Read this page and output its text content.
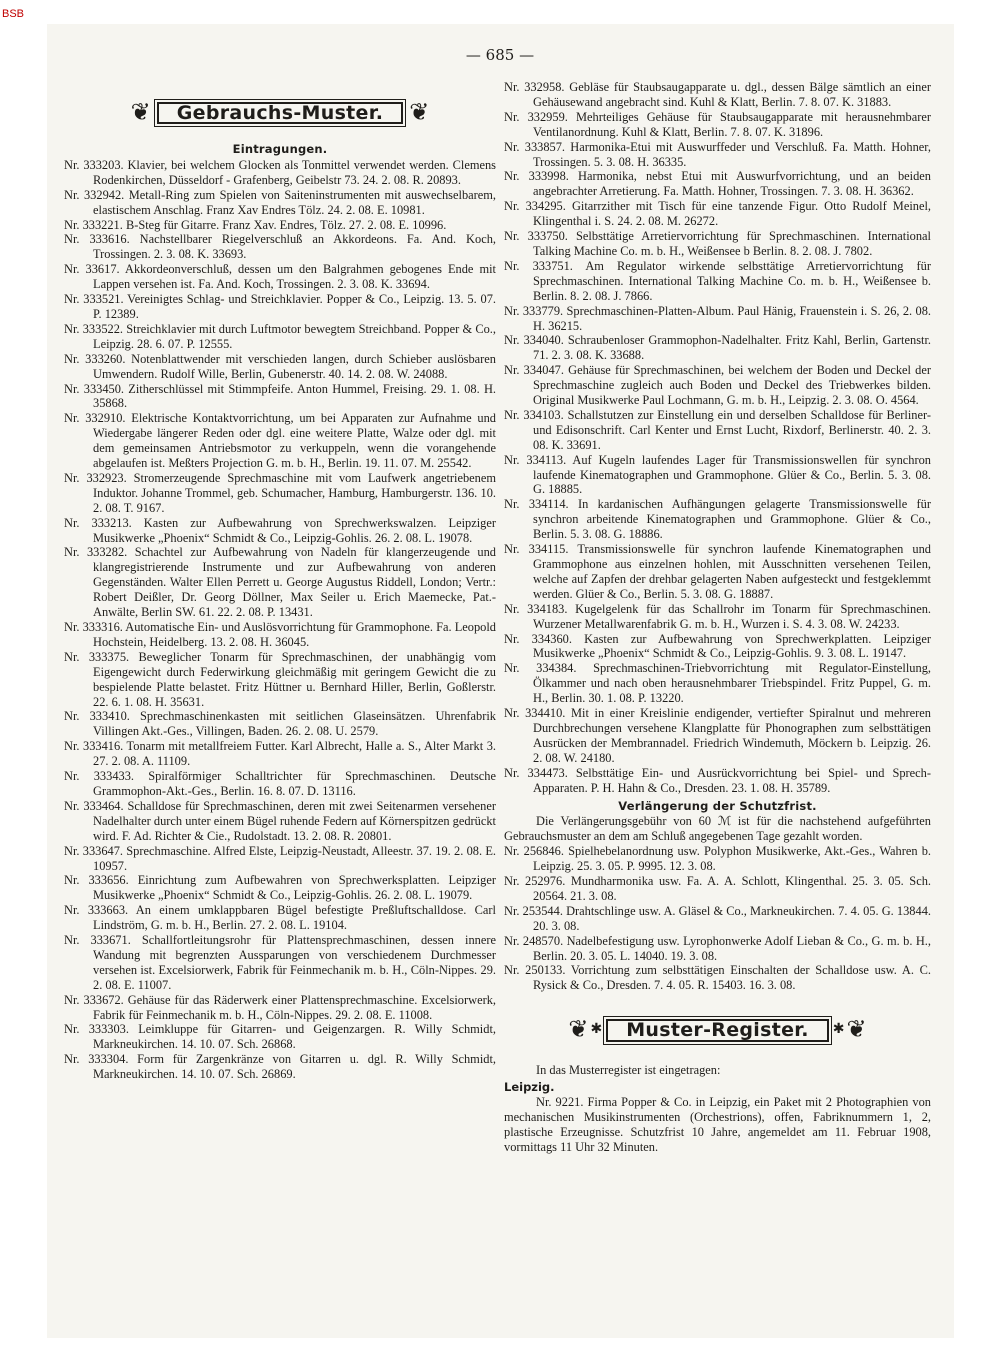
BSB
— 685 —
❦	Gebrauchs-Muster.	❦
Eintragungen.

Nr. 333203. Klavier, bei welchem Glocken als Tonmittel verwendet werden. Clemens Rodenkirchen, Düsseldorf - Grafenberg, Geibelstr 73. 24. 2. 08. R. 20893.

Nr. 332942. Metall-Ring zum Spielen von Saiteninstrumenten mit auswechselbarem, elastischem Anschlag. Franz Xav Endres Tölz. 24. 2. 08. E. 10981.

Nr. 333221. B-Steg für Gitarre. Franz Xav. Endres, Tölz. 27. 2. 08. E. 10996.

Nr. 333616. Nachstellbarer Riegelverschluß an Akkordeons. Fa. And. Koch, Trossingen. 2. 3. 08. K. 33693.

Nr. 33617. Akkordeonverschluß, dessen um den Balgrahmen gebogenes Ende mit Lappen versehen ist. Fa. And. Koch, Trossingen. 2. 3. 08. K. 33694.

Nr. 333521. Vereinigtes Schlag- und Streichklavier. Popper & Co., Leipzig. 13. 5. 07. P. 12389.

Nr. 333522. Streichklavier mit durch Luftmotor bewegtem Streichband. Popper & Co., Leipzig. 28. 6. 07. P. 12555.

Nr. 333260. Notenblattwender mit verschieden langen, durch Schieber auslösbaren Umwendern. Rudolf Wille, Berlin, Gubenerstr. 40. 14. 2. 08. W. 24088.

Nr. 333450. Zitherschlüssel mit Stimmpfeife. Anton Hummel, Freising. 29. 1. 08. H. 35868.

Nr. 332910. Elektrische Kontaktvorrichtung, um bei Apparaten zur Aufnahme und Wiedergabe längerer Reden oder dgl. eine weitere Platte, Walze oder dgl. mit dem gemeinsamen Antriebsmotor zu verkuppeln, wenn die vorangehende abgelaufen ist. Meßters Projection G. m. b. H., Berlin. 19. 11. 07. M. 25542.

Nr. 332923. Stromerzeugende Sprechmaschine mit vom Laufwerk angetriebenem Induktor. Johanne Trommel, geb. Schumacher, Hamburg, Hamburgerstr. 136. 10. 2. 08. T. 9167.

Nr. 333213. Kasten zur Aufbewahrung von Sprechwerkswalzen. Leipziger Musikwerke „Phoenix“ Schmidt & Co., Leipzig-Gohlis. 26. 2. 08. L. 19078.

Nr. 333282. Schachtel zur Aufbewahrung von Nadeln für klangerzeugende und klangregistrierende Instrumente und zur Aufbewahrung von anderen Gegenständen. Walter Ellen Perrett u. George Augustus Riddell, London; Vertr.: Robert Deißler, Dr. Georg Döllner, Max Seiler u. Erich Maemecke, Pat.-Anwälte, Berlin SW. 61. 22. 2. 08. P. 13431.

Nr. 333316. Automatische Ein- und Auslösvorrichtung für Grammophone. Fa. Leopold Hochstein, Heidelberg. 13. 2. 08. H. 36045.

Nr. 333375. Beweglicher Tonarm für Sprechmaschinen, der unabhängig vom Eigengewicht durch Federwirkung gleichmäßig mit geringem Gewicht die zu bespielende Platte belastet. Fritz Hüttner u. Bernhard Hiller, Berlin, Goßlerstr. 22. 6. 1. 08. H. 35631.

Nr. 333410. Sprechmaschinenkasten mit seitlichen Glaseinsätzen. Uhrenfabrik Villingen Akt.-Ges., Villingen, Baden. 26. 2. 08. U. 2579.

Nr. 333416. Tonarm mit metallfreiem Futter. Karl Albrecht, Halle a. S., Alter Markt 3. 27. 2. 08. A. 11109.

Nr. 333433. Spiralförmiger Schalltrichter für Sprechmaschinen. Deutsche Grammophon-Akt.-Ges., Berlin. 16. 8. 07. D. 13116.

Nr. 333464. Schalldose für Sprechmaschinen, deren mit zwei Seitenarmen versehener Nadelhalter durch unter einem Bügel ruhende Federn auf Körnerspitzen gedrückt wird. F. Ad. Richter & Cie., Rudolstadt. 13. 2. 08. R. 20801.

Nr. 333647. Sprechmaschine. Alfred Elste, Leipzig-Neustadt, Alleestr. 37. 19. 2. 08. E. 10957.

Nr. 333656. Einrichtung zum Aufbewahren von Sprechwerksplatten. Leipziger Musikwerke „Phoenix“ Schmidt & Co., Leipzig-Gohlis. 26. 2. 08. L. 19079.

Nr. 333663. An einem umklappbaren Bügel befestigte Preßluftschalldose. Carl Lindström, G. m. b. H., Berlin. 27. 2. 08. L. 19104.

Nr. 333671. Schallfortleitungsrohr für Plattensprechmaschinen, dessen innere Wandung mit begrenzten Aussparungen von verschiedenem Durchmesser versehen ist. Excelsiorwerk, Fabrik für Feinmechanik m. b. H., Cöln-Nippes. 29. 2. 08. E. 11007.

Nr. 333672. Gehäuse für das Räderwerk einer Plattensprechmaschine. Excelsiorwerk, Fabrik für Feinmechanik m. b. H., Cöln-Nippes. 29. 2. 08. E. 11008.

Nr. 333303. Leimkluppe für Gitarren- und Geigenzargen. R. Willy Schmidt, Markneukirchen. 14. 10. 07. Sch. 26868.

Nr. 333304. Form für Zargenkränze von Gitarren u. dgl. R. Willy Schmidt, Markneukirchen. 14. 10. 07. Sch. 26869.

Nr. 332958. Gebläse für Staubsaugapparate u. dgl., dessen Bälge sämtlich an einer Gehäusewand angebracht sind. Kuhl & Klatt, Berlin. 7. 8. 07. K. 31883.

Nr. 332959. Mehrteiliges Gehäuse für Staubsaugapparate mit herausnehmbarer Ventilanordnung. Kuhl & Klatt, Berlin. 7. 8. 07. K. 31896.

Nr. 333857. Harmonika-Etui mit Auswurffeder und Verschluß. Fa. Matth. Hohner, Trossingen. 5. 3. 08. H. 36335.

Nr. 333998. Harmonika, nebst Etui mit Auswurfvorrichtung, und an beiden angebrachter Arretierung. Fa. Matth. Hohner, Trossingen. 7. 3. 08. H. 36362.

Nr. 334295. Gitarrzither mit Tisch für eine tanzende Figur. Otto Rudolf Meinel, Klingenthal i. S. 24. 2. 08. M. 26272.

Nr. 333750. Selbsttätige Arretiervorrichtung für Sprechmaschinen. International Talking Machine Co. m. b. H., Weißensee b Berlin. 8. 2. 08. J. 7802.

Nr. 333751. Am Regulator wirkende selbsttätige Arretiervorrichtung für Sprechmaschinen. International Talking Machine Co. m. b. H., Weißensee b. Berlin. 8. 2. 08. J. 7866.

Nr. 333779. Sprechmaschinen-Platten-Album. Paul Hänig, Frauenstein i. S. 26, 2. 08. H. 36215.

Nr. 334040. Schraubenloser Grammophon-Nadelhalter. Fritz Kahl, Berlin, Gartenstr. 71. 2. 3. 08. K. 33688.

Nr. 334047. Gehäuse für Sprechmaschinen, bei welchem der Boden und Deckel der Sprechmaschine zugleich auch Boden und Deckel des Triebwerkes bilden. Original Musikwerke Paul Lochmann, G. m. b. H., Leipzig. 2. 3. 08. O. 4564.

Nr. 334103. Schallstutzen zur Einstellung ein und derselben Schalldose für Berliner- und Edisonschrift. Carl Kenter und Ernst Lucht, Rixdorf, Berlinerstr. 40. 2. 3. 08. K. 33691.

Nr. 334113. Auf Kugeln laufendes Lager für Transmissionswellen für synchron laufende Kinematographen und Grammophone. Glüer & Co., Berlin. 5. 3. 08. G. 18885.

Nr. 334114. In kardanischen Aufhängungen gelagerte Transmissionswelle für synchron arbeitende Kinematographen und Grammophone. Glüer & Co., Berlin. 5. 3. 08. G. 18886.

Nr. 334115. Transmissionswelle für synchron laufende Kinematographen und Grammophone aus einzelnen hohlen, mit Ausschnitten versehenen Teilen, welche auf Zapfen der drehbar gelagerten Naben aufgesteckt und festgeklemmt werden. Glüer & Co., Berlin. 5. 3. 08. G. 18887.

Nr. 334183. Kugelgelenk für das Schallrohr im Tonarm für Sprechmaschinen. Wurzener Metallwarenfabrik G. m. b. H., Wurzen i. S. 4. 3. 08. W. 24233.

Nr. 334360. Kasten zur Aufbewahrung von Sprechwerkplatten. Leipziger Musikwerke „Phoenix“ Schmidt & Co., Leipzig-Gohlis. 9. 3. 08. L. 19147.

Nr. 334384. Sprechmaschinen-Triebvorrichtung mit Regulator-Einstellung, Ölkammer und nach oben herausnehmbarer Triebspindel. Fritz Puppel, G. m. H., Berlin. 30. 1. 08. P. 13220.

Nr. 334410. Mit in einer Kreislinie endigender, vertiefter Spiralnut und mehreren Durchbrechungen versehene Klangplatte für Phonographen zum selbsttätigen Ausrücken der Membrannadel. Friedrich Windemuth, Möckern b. Leipzig. 26. 2. 08. W. 24180.

Nr. 334473. Selbsttätige Ein- und Ausrückvorrichtung bei Spiel- und Sprech-Apparaten. P. H. Hahn & Co., Dresden. 23. 1. 08. H. 35789.

Verlängerung der Schutzfrist.

Die Verlängerungsgebühr von 60 ℳ ist für die nachstehend aufgeführten Gebrauchsmuster an dem am Schluß angegebenen Tage gezahlt worden.

Nr. 256846. Spielhebelanordnung usw. Polyphon Musikwerke, Akt.-Ges., Wahren b. Leipzig. 25. 3. 05. P. 9995. 12. 3. 08.

Nr. 252976. Mundharmonika usw. Fa. A. A. Schlott, Klingenthal. 25. 3. 05. Sch. 20564. 21. 3. 08.

Nr. 253544. Drahtschlinge usw. A. Gläsel & Co., Markneukirchen. 7. 4. 05. G. 13844. 20. 3. 08.

Nr. 248570. Nadelbefestigung usw. Lyrophonwerke Adolf Lieban & Co., G. m. b. H., Berlin. 20. 3. 05. L. 14040. 19. 3. 08.

Nr. 250133. Vorrichtung zum selbsttätigen Einschalten der Schalldose usw. A. C. Rysick & Co., Dresden. 7. 4. 05. R. 15403. 16. 3. 08.

❦ ✱	Muster-Register.	✱ ❦

In das Musterregister ist eingetragen:

Leipzig.

Nr. 9221. Firma Popper & Co. in Leipzig, ein Paket mit 2 Photographien von mechanischen Musikinstrumenten (Orchestrions), offen, Fabriknummern 1, 2, plastische Erzeugnisse. Schutzfrist 10 Jahre, angemeldet am 11. Februar 1908, vormittags 11 Uhr 32 Minuten.
